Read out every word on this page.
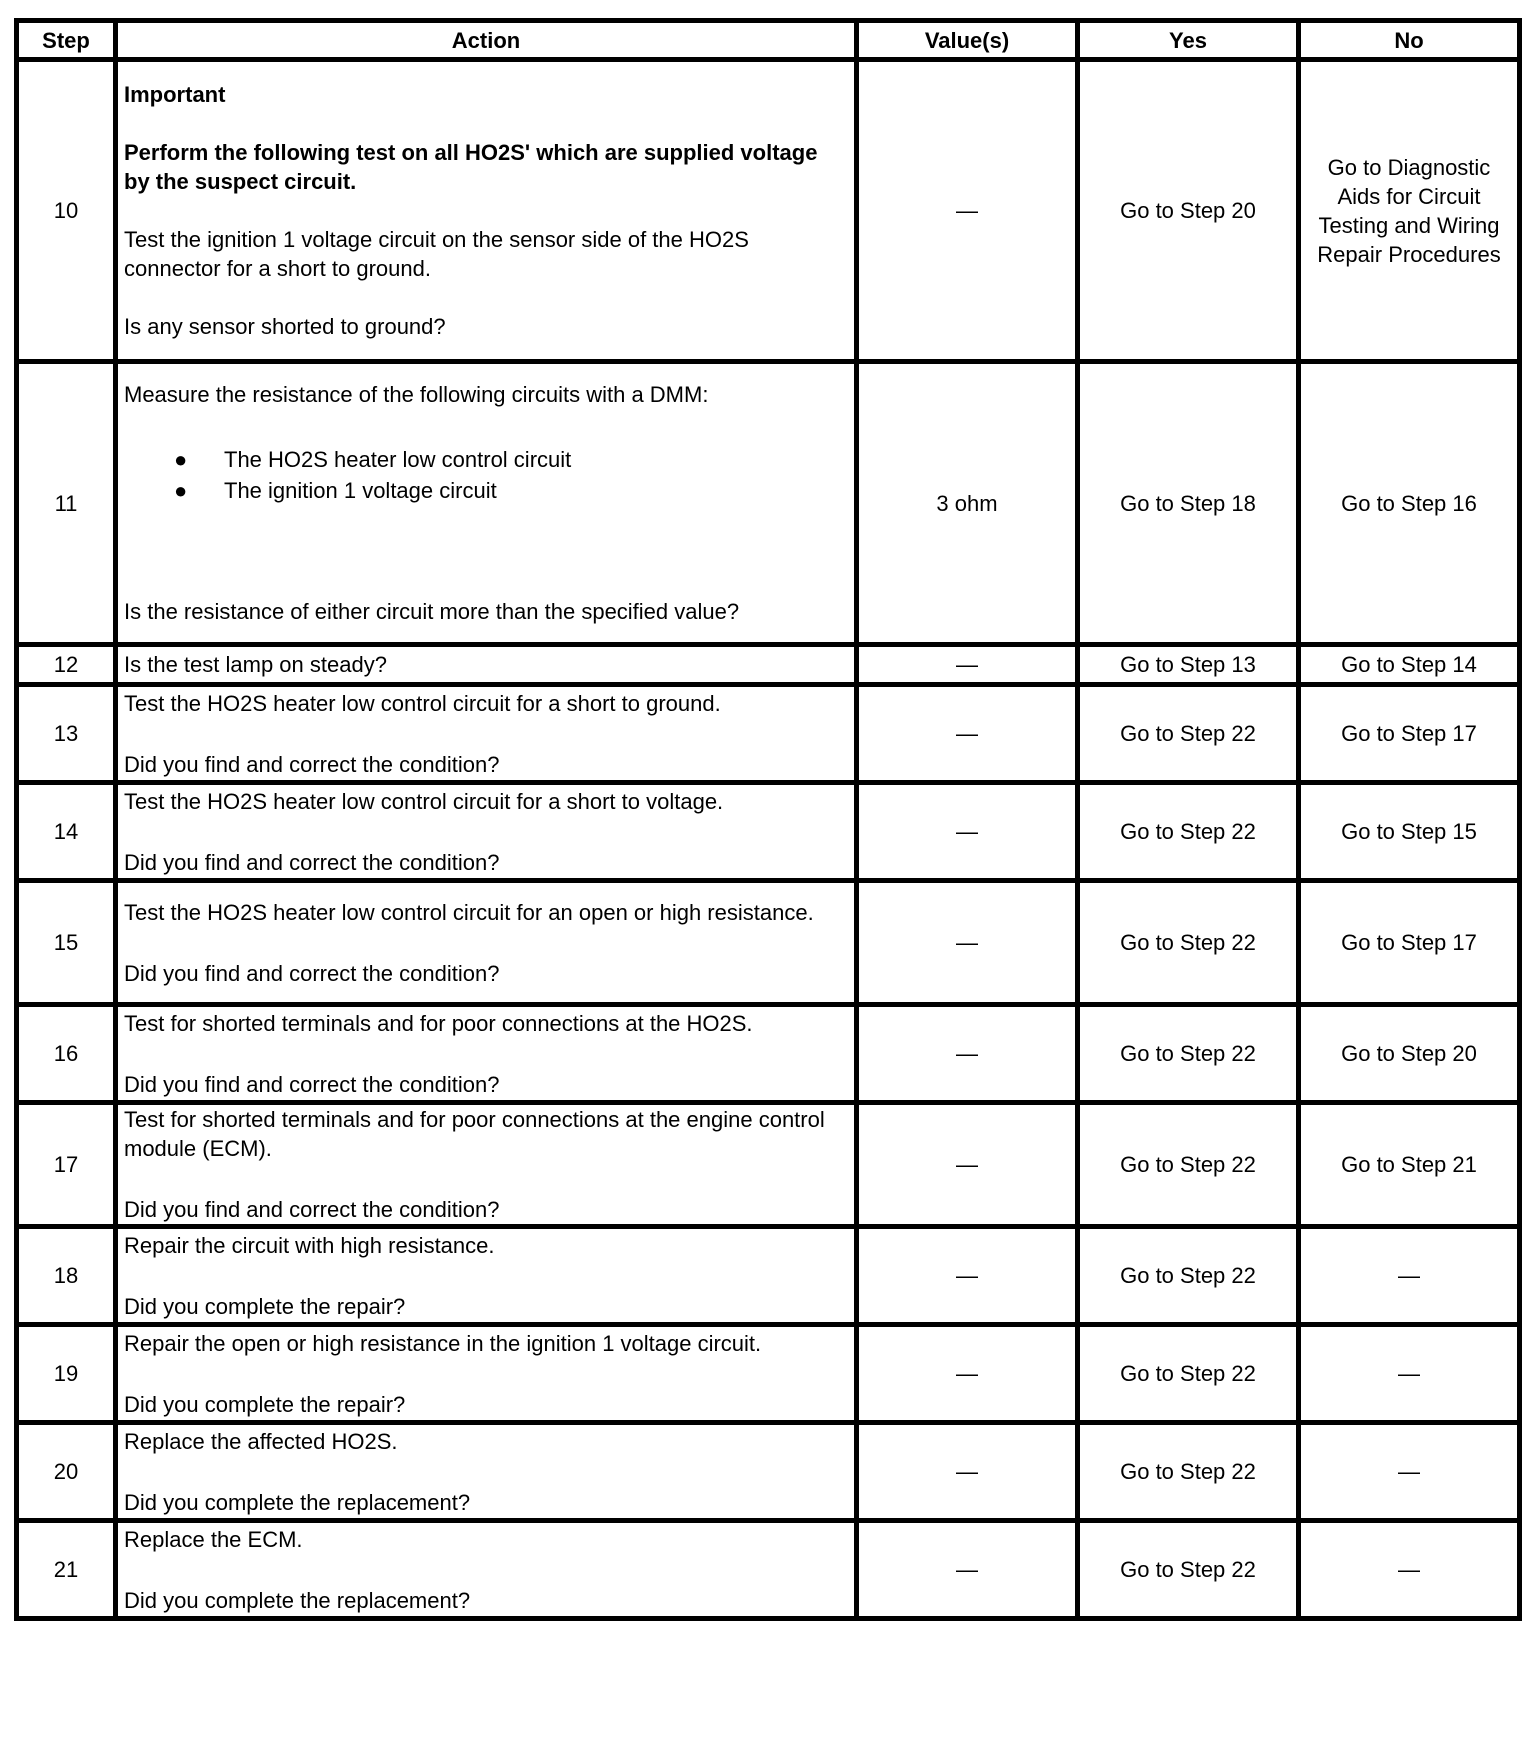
Step	Action	Value(s)	Yes	No
10	Important

Perform the following test on all HO2S' which are supplied voltage by the suspect circuit.

Test the ignition 1 voltage circuit on the sensor side of the HO2S connector for a short to ground.

Is any sensor shorted to ground?	—	Go to Step 20	Go to Diagnostic Aids for Circuit Testing and Wiring Repair Procedures
11	

Measure the resistance of the following circuits with a DMM:

● The HO2S heater low control circuit
● The ignition 1 voltage circuit

Is the resistance of either circuit more than the specified value?

	3 ohm	Go to Step 18	Go to Step 16
12	Is the test lamp on steady?	—	Go to Step 13	Go to Step 14
13	Test the HO2S heater low control circuit for a short to ground.

Did you find and correct the condition?	—	Go to Step 22	Go to Step 17
14	Test the HO2S heater low control circuit for a short to voltage.

Did you find and correct the condition?	—	Go to Step 22	Go to Step 15
15	Test the HO2S heater low control circuit for an open or high resistance.

Did you find and correct the condition?	—	Go to Step 22	Go to Step 17
16	Test for shorted terminals and for poor connections at the HO2S.

Did you find and correct the condition?	—	Go to Step 22	Go to Step 20
17	Test for shorted terminals and for poor connections at the engine control module (ECM).

Did you find and correct the condition?	—	Go to Step 22	Go to Step 21
18	Repair the circuit with high resistance.

Did you complete the repair?	—	Go to Step 22	—
19	Repair the open or high resistance in the ignition 1 voltage circuit.

Did you complete the repair?	—	Go to Step 22	—
20	Replace the affected HO2S.

Did you complete the replacement?	—	Go to Step 22	—
21	Replace the ECM.

Did you complete the replacement?	—	Go to Step 22	—
